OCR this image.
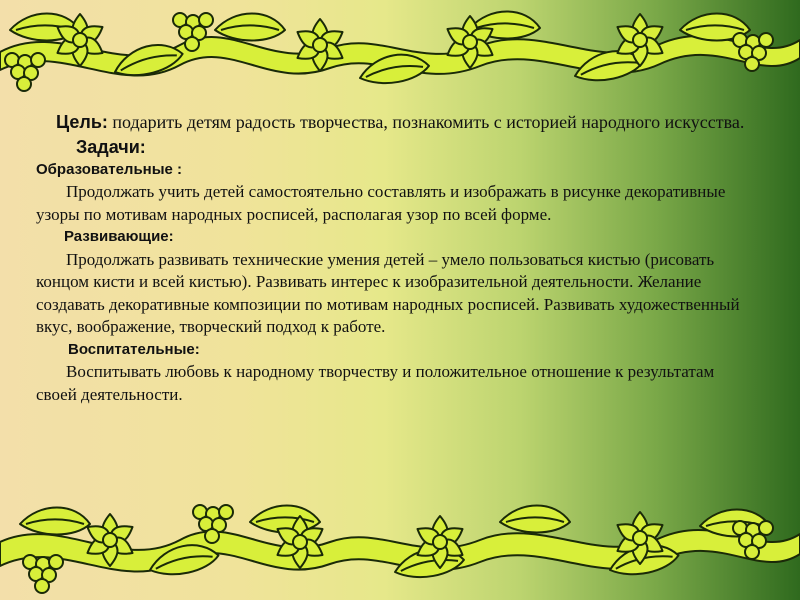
Цель: подарить детям радость творчества, познакомить с историей народного искусства.

Задачи:

Образовательные :

Продолжать учить детей самостоятельно составлять и изображать в рисунке декоративные узоры по мотивам народных росписей, располагая узор по всей форме.

Развивающие:

Продолжать развивать технические умения детей – умело пользоваться кистью (рисовать концом кисти и всей кистью). Развивать интерес к изобразительной деятельности. Желание создавать декоративные композиции по мотивам народных росписей. Развивать художественный вкус, воображение, творческий подход к работе.

Воспитательные:

Воспитывать любовь к народному творчеству и положительное отношение к результатам своей деятельности.
